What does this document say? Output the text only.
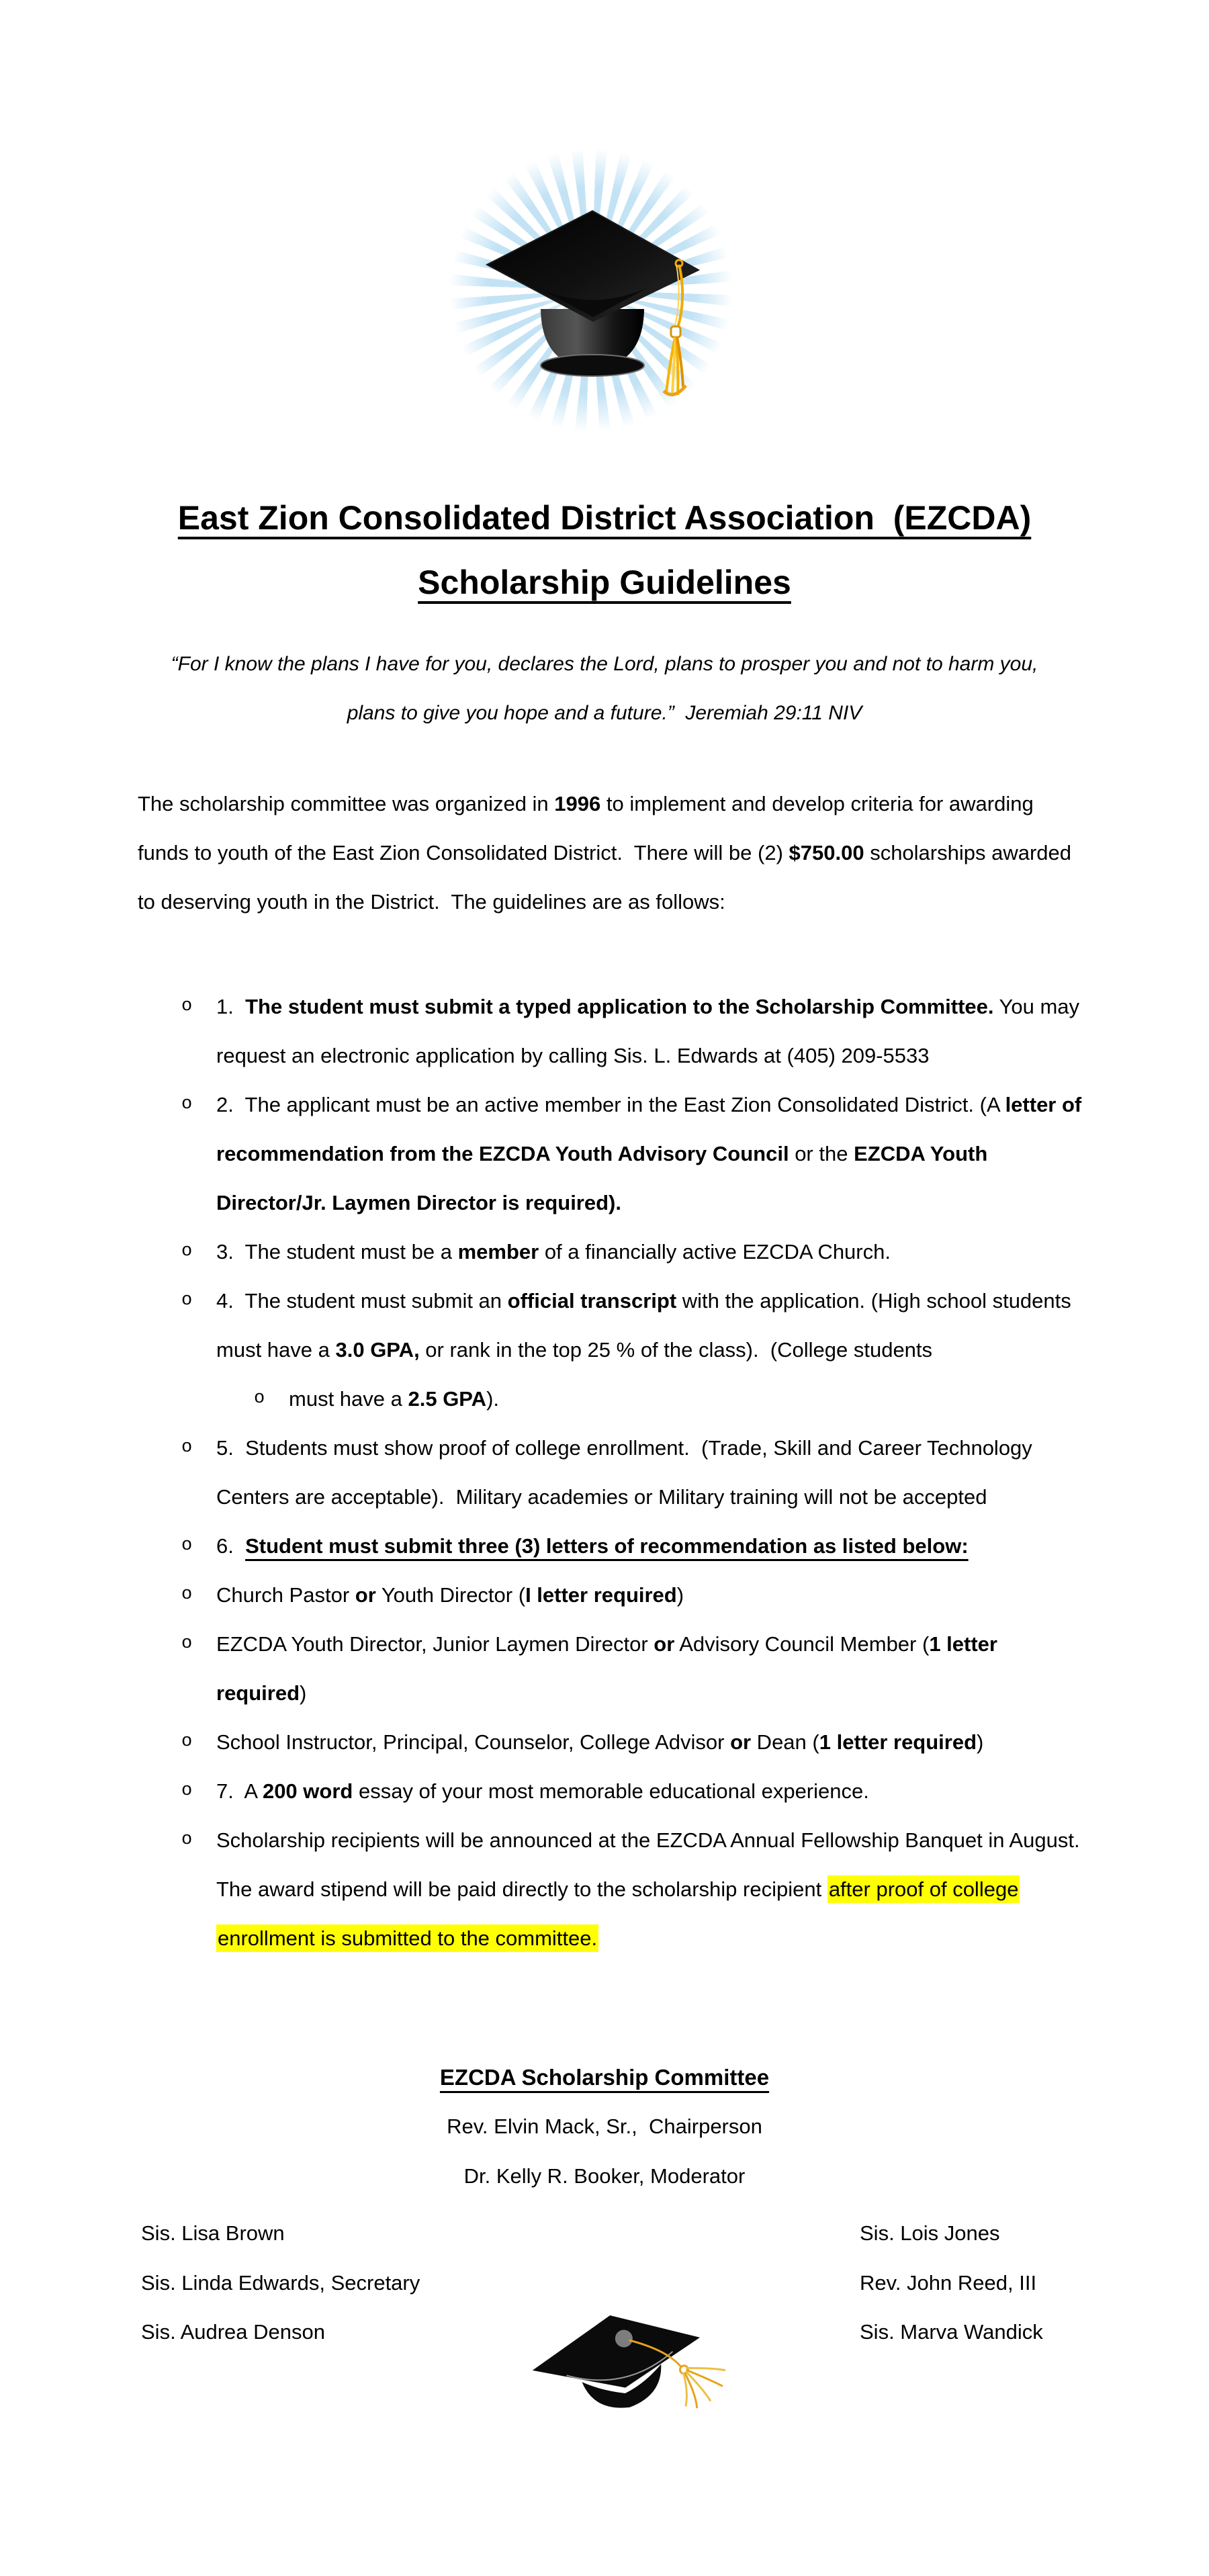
East Zion Consolidated District Association  (EZCDA)
Scholarship Guidelines
“For I know the plans I have for you, declares the Lord, plans to prosper you and not to harm you, plans to give you hope and a future.”  Jeremiah 29:11 NIV
The scholarship committee was organized in 1996 to implement and develop criteria for awarding funds to youth of the East Zion Consolidated District.  There will be (2) $750.00 scholarships awarded to deserving youth in the District.  The guidelines are as follows:
o 1.  The student must submit a typed application to the Scholarship Committee. You may request an electronic application by calling Sis. L. Edwards at (405) 209-5533
o 2.  The applicant must be an active member in the East Zion Consolidated District. (A letter of recommendation from the EZCDA Youth Advisory Council or the EZCDA Youth Director/Jr. Laymen Director is required).
o 3.  The student must be a member of a financially active EZCDA Church.
o 4.  The student must submit an official transcript with the application. (High school students must have a 3.0 GPA, or rank in the top 25 % of the class).  (College students
o must have a 2.5 GPA).
o 5.  Students must show proof of college enrollment.  (Trade, Skill and Career Technology Centers are acceptable).  Military academies or Military training will not be accepted
o 6.  Student must submit three (3) letters of recommendation as listed below:
o Church Pastor or Youth Director (I letter required)
o EZCDA Youth Director, Junior Laymen Director or Advisory Council Member (1 letter required)
o School Instructor, Principal, Counselor, College Advisor or Dean (1 letter required)
o 7.  A 200 word essay of your most memorable educational experience.
o Scholarship recipients will be announced at the EZCDA Annual Fellowship Banquet in August. The award stipend will be paid directly to the scholarship recipient after proof of college enrollment is submitted to the committee.
EZCDA Scholarship Committee
Rev. Elvin Mack, Sr.,  Chairperson
Dr. Kelly R. Booker, Moderator
Sis. Lisa Brown	Sis. Lois Jones
Sis. Linda Edwards, Secretary	Rev. John Reed, III
Sis. Audrea Denson	Sis. Marva Wandick
